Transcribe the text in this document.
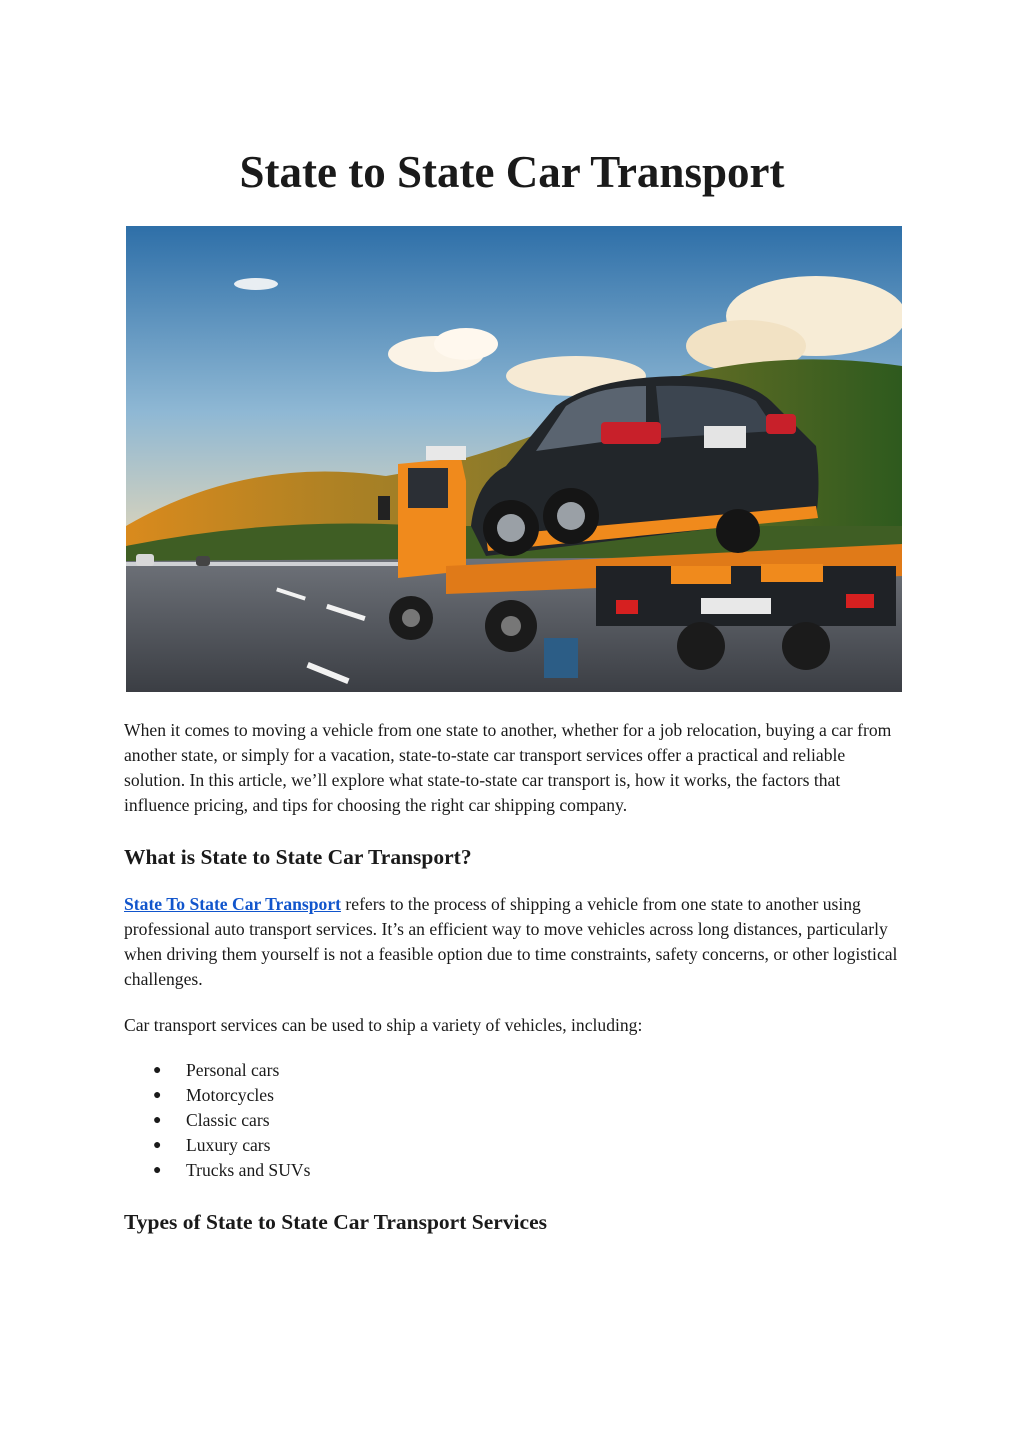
State to State Car Transport

When it comes to moving a vehicle from one state to another, whether for a job relocation, buying a car from another state, or simply for a vacation, state-to-state car transport services offer a practical and reliable solution. In this article, we’ll explore what state-to-state car transport is, how it works, the factors that influence pricing, and tips for choosing the right car shipping company.

What is State to State Car Transport?

State To State Car Transport refers to the process of shipping a vehicle from one state to another using professional auto transport services. It’s an efficient way to move vehicles across long distances, particularly when driving them yourself is not a feasible option due to time constraints, safety concerns, or other logistical challenges.

Car transport services can be used to ship a variety of vehicles, including:

● Personal cars
● Motorcycles
● Classic cars
● Luxury cars
● Trucks and SUVs
Types of State to State Car Transport Services
